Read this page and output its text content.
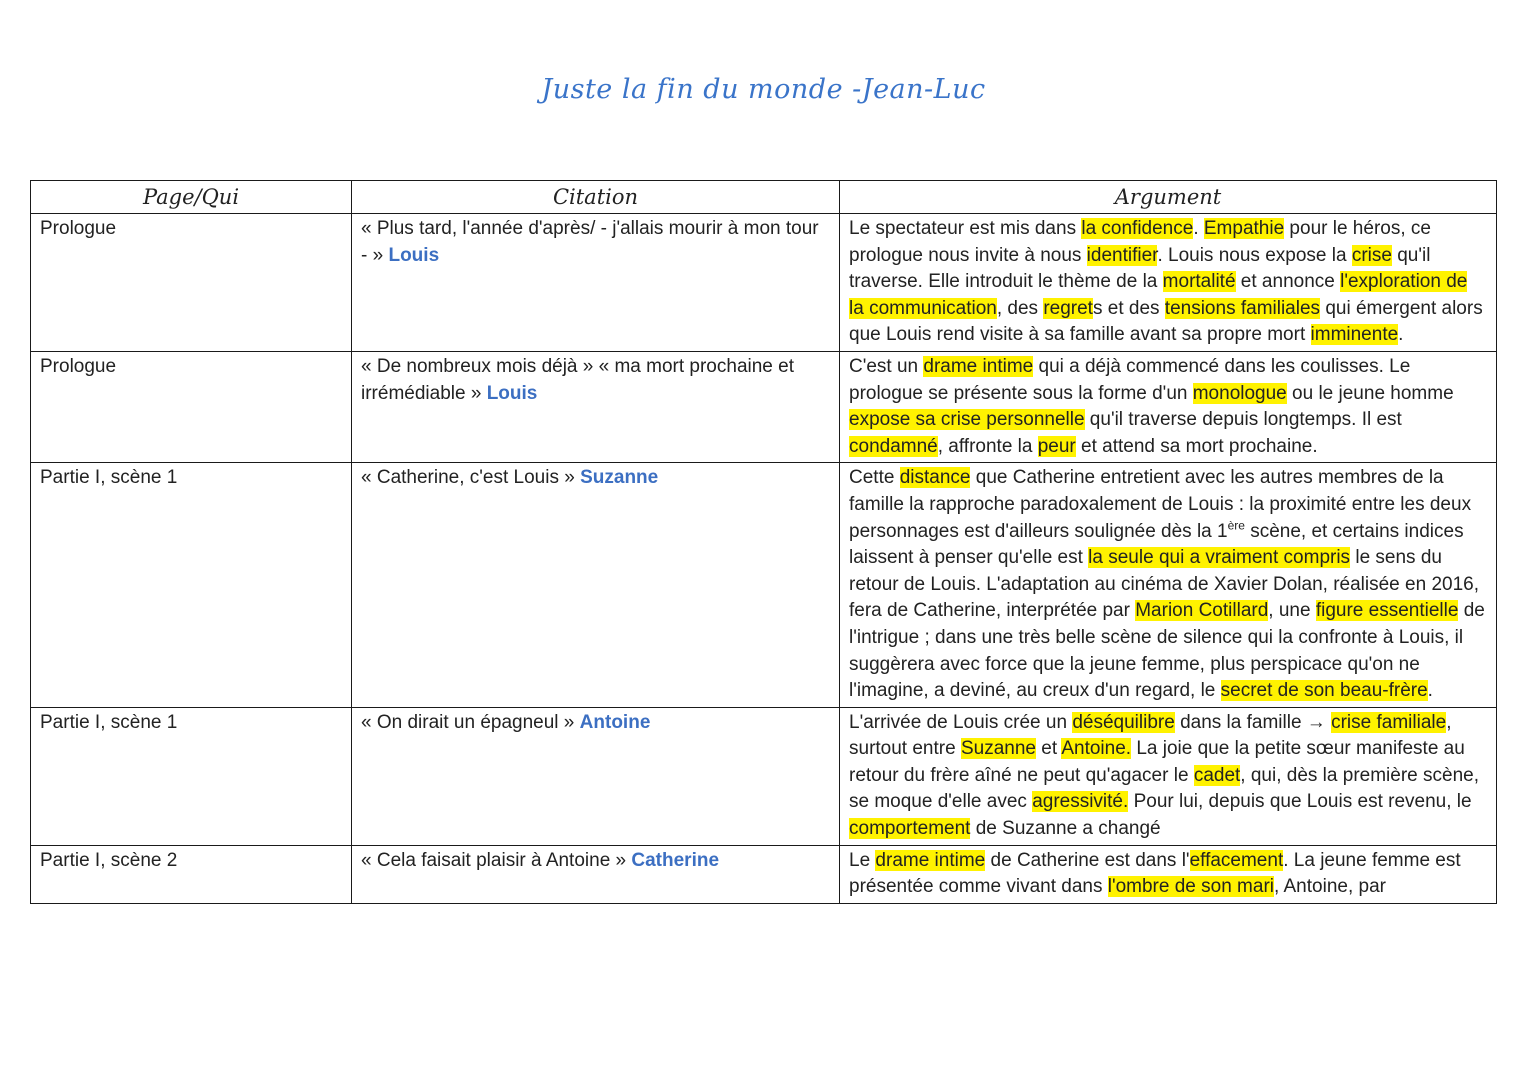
Juste la fin du monde -Jean-Luc
Page/Qui	Citation	Argument
Prologue	« Plus tard, l'année d'après/ - j'allais mourir à mon tour - » Louis	Le spectateur est mis dans la confidence. Empathie pour le héros, ce prologue nous invite à nous identifier. Louis nous expose la crise qu'il traverse. Elle introduit le thème de la mortalité et annonce l'exploration de la communication, des regrets et des tensions familiales qui émergent alors que Louis rend visite à sa famille avant sa propre mort imminente.
Prologue	« De nombreux mois déjà » « ma mort prochaine et irrémédiable » Louis	C'est un drame intime qui a déjà commencé dans les coulisses. Le prologue se présente sous la forme d'un monologue ou le jeune homme expose sa crise personnelle qu'il traverse depuis longtemps. Il est condamné, affronte la peur et attend sa mort prochaine.
Partie I, scène 1	« Catherine, c'est Louis » Suzanne	Cette distance que Catherine entretient avec les autres membres de la famille la rapproche paradoxalement de Louis : la proximité entre les deux personnages est d'ailleurs soulignée dès la 1ère scène, et certains indices laissent à penser qu'elle est la seule qui a vraiment compris le sens du retour de Louis. L'adaptation au cinéma de Xavier Dolan, réalisée en 2016, fera de Catherine, interprétée par Marion Cotillard, une figure essentielle de l'intrigue ; dans une très belle scène de silence qui la confronte à Louis, il suggèrera avec force que la jeune femme, plus perspicace qu'on ne l'imagine, a deviné, au creux d'un regard, le secret de son beau-frère.
Partie I, scène 1	« On dirait un épagneul » Antoine	L'arrivée de Louis crée un déséquilibre dans la famille → crise familiale, surtout entre Suzanne et Antoine. La joie que la petite sœur manifeste au retour du frère aîné ne peut qu'agacer le cadet, qui, dès la première scène, se moque d'elle avec agressivité. Pour lui, depuis que Louis est revenu, le comportement de Suzanne a changé
Partie I, scène 2	« Cela faisait plaisir à Antoine » Catherine	Le drame intime de Catherine est dans l'effacement. La jeune femme est présentée comme vivant dans l'ombre de son mari, Antoine, par
